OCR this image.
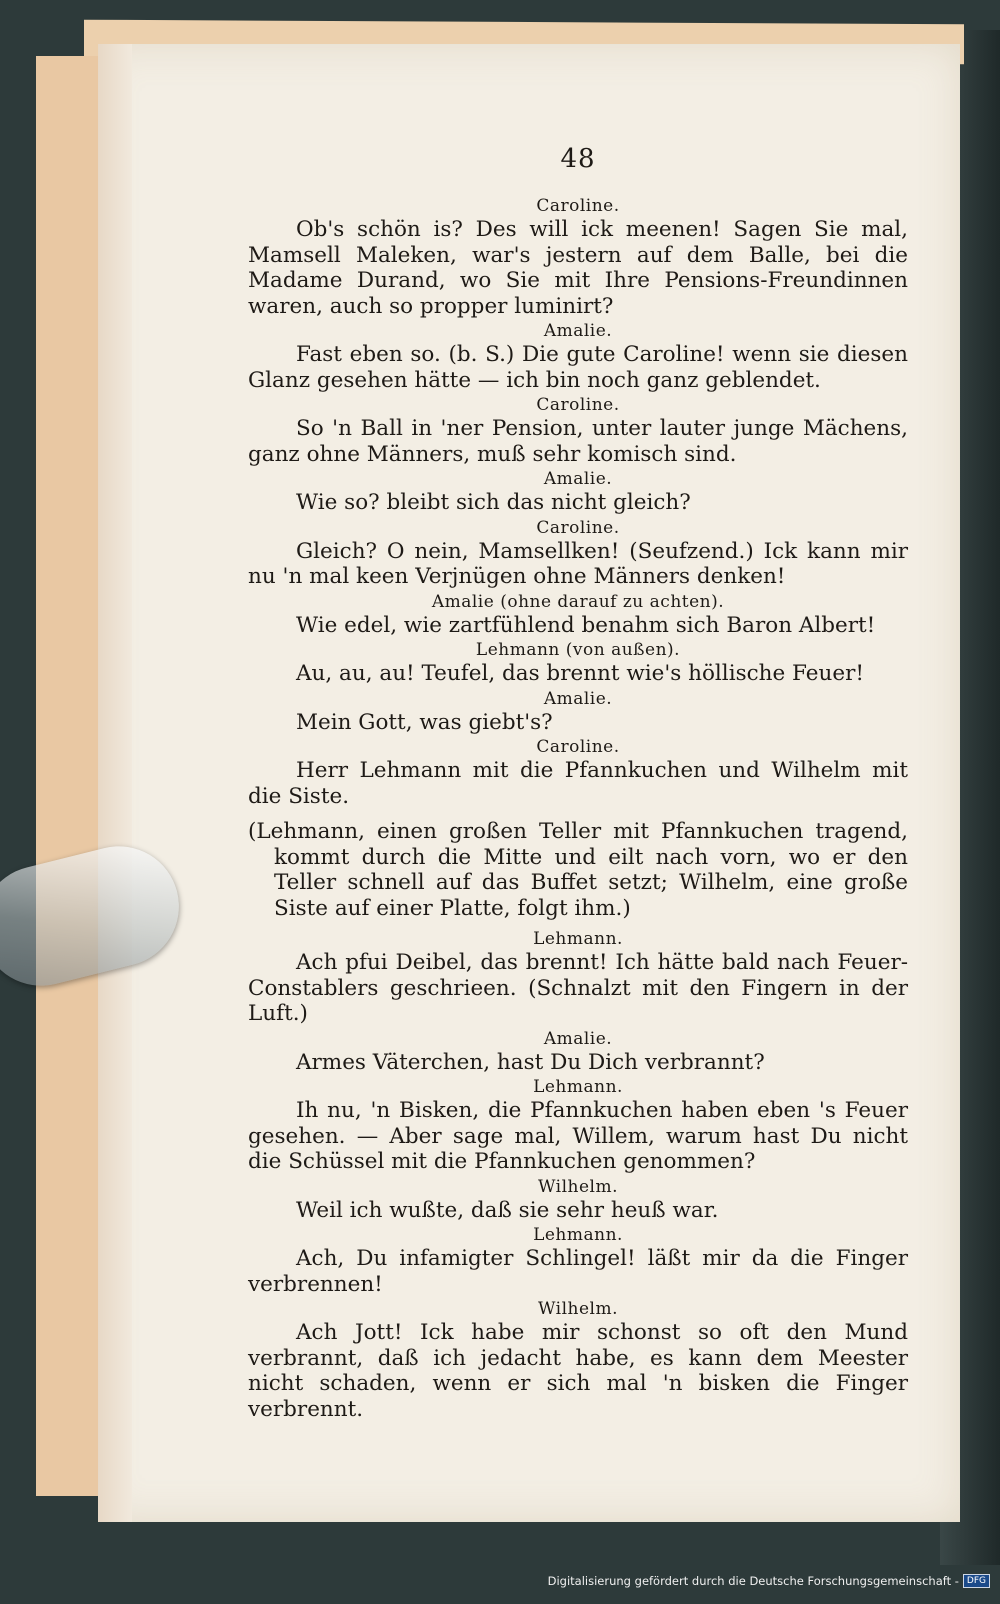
48
Caroline.
Ob's schön is? Des will ick meenen! Sagen Sie mal, Mamsell Maleken, war's jestern auf dem Balle, bei die Madame Durand, wo Sie mit Ihre Pensions-Freundinnen waren, auch so propper luminirt?
Amalie.
Fast eben so. (b. S.) Die gute Caroline! wenn sie diesen Glanz gesehen hätte — ich bin noch ganz geblendet.
Caroline.
So 'n Ball in 'ner Pension, unter lauter junge Mächens, ganz ohne Männers, muß sehr komisch sind.
Amalie.
Wie so? bleibt sich das nicht gleich?
Caroline.
Gleich? O nein, Mamsellken! (Seufzend.) Ick kann mir nu 'n mal keen Verjnügen ohne Männers denken!
Amalie (ohne darauf zu achten).
Wie edel, wie zartfühlend benahm sich Baron Albert!
Lehmann (von außen).
Au, au, au! Teufel, das brennt wie's höllische Feuer!
Amalie.
Mein Gott, was giebt's?
Caroline.
Herr Lehmann mit die Pfannkuchen und Wilhelm mit die Siste.
(Lehmann, einen großen Teller mit Pfannkuchen tragend, kommt durch die Mitte und eilt nach vorn, wo er den Teller schnell auf das Buffet setzt; Wilhelm, eine große Siste auf einer Platte, folgt ihm.)
Lehmann.
Ach pfui Deibel, das brennt! Ich hätte bald nach Feuer-Constablers geschrieen. (Schnalzt mit den Fingern in der Luft.)
Amalie.
Armes Väterchen, hast Du Dich verbrannt?
Lehmann.
Ih nu, 'n Bisken, die Pfannkuchen haben eben 's Feuer gesehen. — Aber sage mal, Willem, warum hast Du nicht die Schüssel mit die Pfannkuchen genommen?
Wilhelm.
Weil ich wußte, daß sie sehr heuß war.
Lehmann.
Ach, Du infamigter Schlingel! läßt mir da die Finger verbrennen!
Wilhelm.
Ach Jott! Ick habe mir schonst so oft den Mund verbrannt, daß ich jedacht habe, es kann dem Meester nicht schaden, wenn er sich mal 'n bisken die Finger verbrennt.
Digitalisierung gefördert durch die Deutsche Forschungsgemeinschaft - DFG
